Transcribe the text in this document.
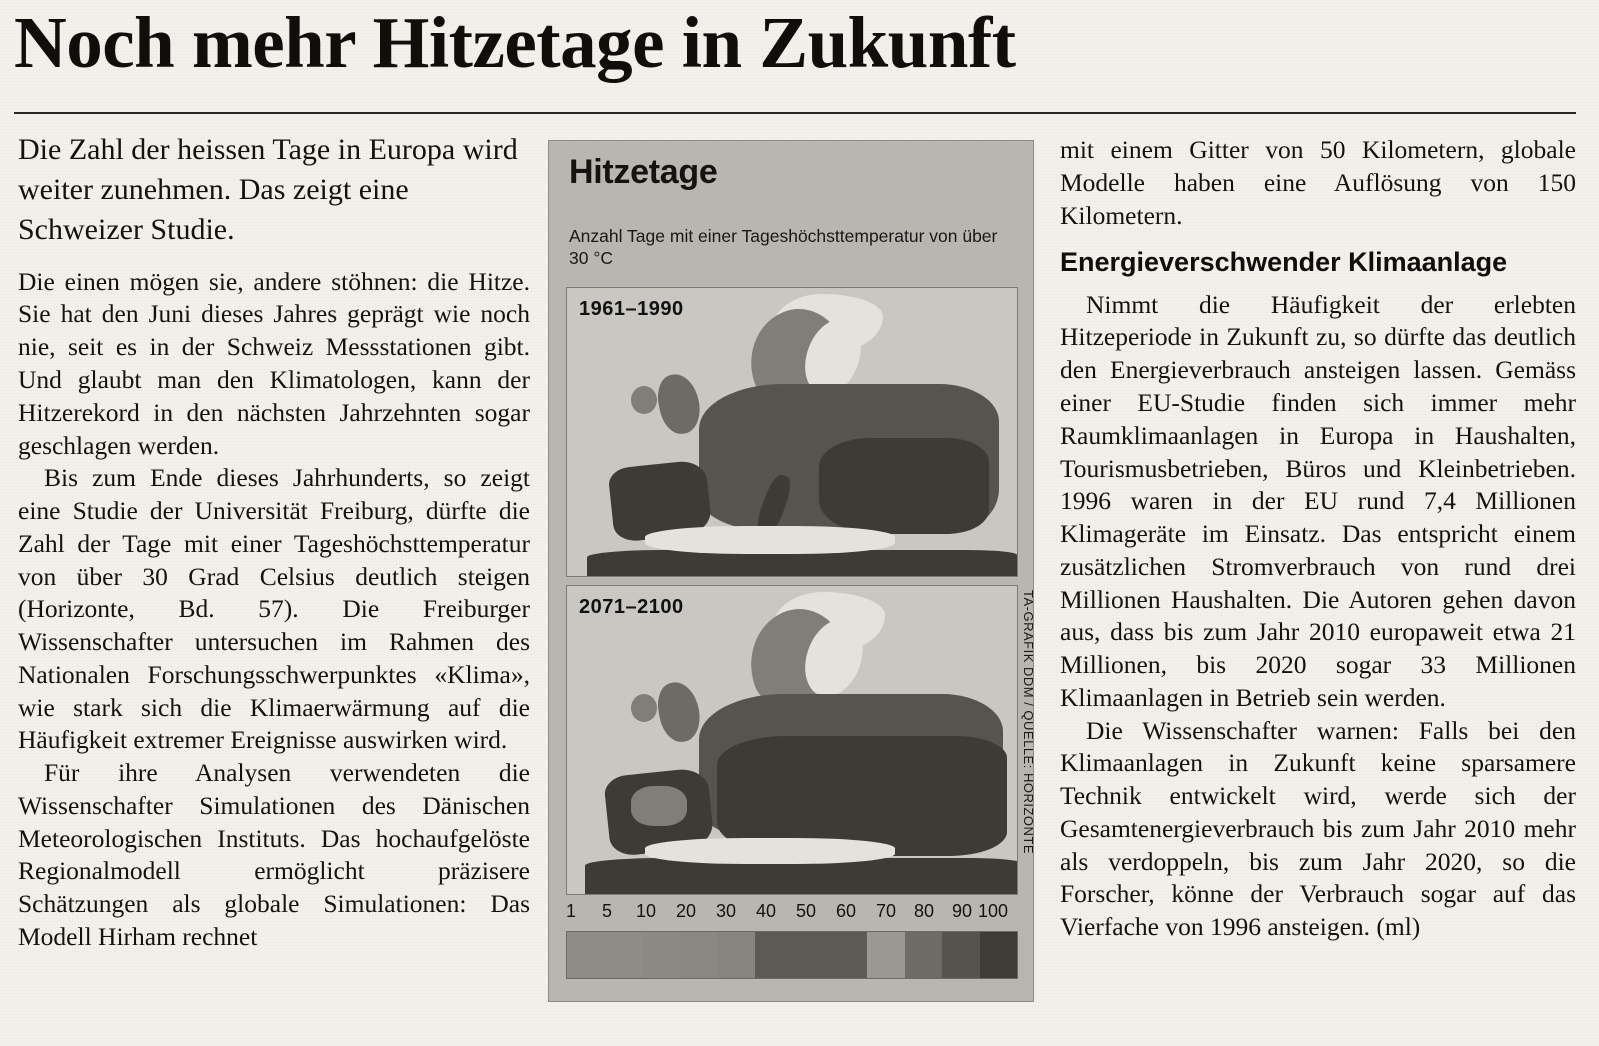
Noch mehr Hitzetage in Zukunft
Die Zahl der heissen Tage in Europa wird weiter zunehmen. Das zeigt eine Schweizer Studie.

Die einen mögen sie, andere stöhnen: die Hitze. Sie hat den Juni dieses Jahres geprägt wie noch nie, seit es in der Schweiz Messstationen gibt. Und glaubt man den Klimatologen, kann der Hitzerekord in den nächsten Jahrzehnten sogar geschlagen werden.

Bis zum Ende dieses Jahrhunderts, so zeigt eine Studie der Universität Freiburg, dürfte die Zahl der Tage mit einer Tageshöchsttemperatur von über 30 Grad Celsius deutlich steigen (Horizonte, Bd. 57). Die Freiburger Wissenschafter untersuchen im Rahmen des Nationalen Forschungsschwerpunktes «Klima», wie stark sich die Klimaerwärmung auf die Häufigkeit extremer Ereignisse auswirken wird.

Für ihre Analysen verwendeten die Wissenschafter Simulationen des Dänischen Meteorologischen Instituts. Das hochaufgelöste Regionalmodell ermöglicht präzisere Schätzungen als globale Simulationen: Das Modell Hirham rechnet

Hitzetage
Anzahl Tage mit einer Tageshöchsttemperatur von über 30 °C
1961–1990
2071–2100
1 5 10 20 30 40 50 60 70 80 90 100
TA-GRAFIK DDM / QUELLE: HORIZONTE

mit einem Gitter von 50 Kilometern, globale Modelle haben eine Auflösung von 150 Kilometern.

Energieverschwender Klimaanlage

Nimmt die Häufigkeit der erlebten Hitzeperiode in Zukunft zu, so dürfte das deutlich den Energieverbrauch ansteigen lassen. Gemäss einer EU-Studie finden sich immer mehr Raumklimaanlagen in Europa in Haushalten, Tourismusbetrieben, Büros und Kleinbetrieben. 1996 waren in der EU rund 7,4 Millionen Klimageräte im Einsatz. Das entspricht einem zusätzlichen Stromverbrauch von rund drei Millionen Haushalten. Die Autoren gehen davon aus, dass bis zum Jahr 2010 europaweit etwa 21 Millionen, bis 2020 sogar 33 Millionen Klimaanlagen in Betrieb sein werden.

Die Wissenschafter warnen: Falls bei den Klimaanlagen in Zukunft keine sparsamere Technik entwickelt wird, werde sich der Gesamtenergieverbrauch bis zum Jahr 2010 mehr als verdoppeln, bis zum Jahr 2020, so die Forscher, könne der Verbrauch sogar auf das Vierfache von 1996 ansteigen. (ml)
